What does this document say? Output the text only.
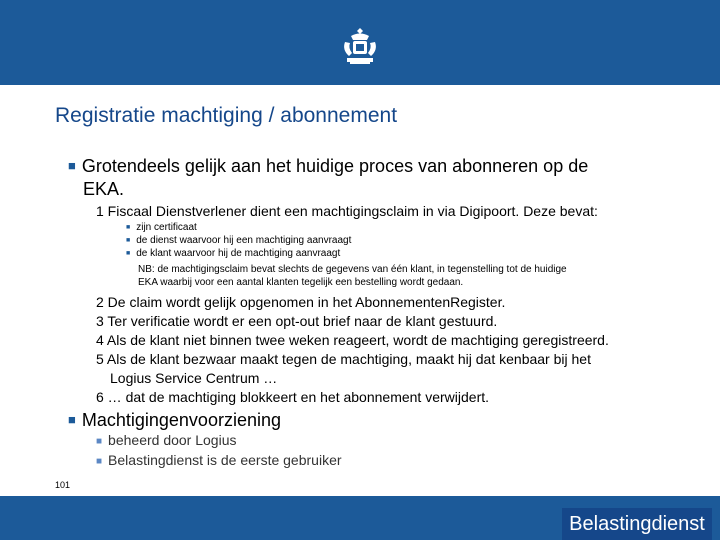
Registratie machtiging / abonnement
■ Grotendeels gelijk aan het huidige proces van abonneren op de
EKA.
1 Fiscaal Dienstverlener dient een machtigingsclaim in via Digipoort. Deze bevat:
■ zijn certificaat
■ de dienst waarvoor hij een machtiging aanvraagt
■ de klant waarvoor hij de machtiging aanvraagt
NB: de machtigingsclaim bevat slechts de gegevens van één klant, in tegenstelling tot de huidige
EKA waarbij voor een aantal klanten tegelijk een bestelling wordt gedaan.
2 De claim wordt gelijk opgenomen in het AbonnementenRegister.
3 Ter verificatie wordt er een opt-out brief naar de klant gestuurd.
4 Als de klant niet binnen twee weken reageert, wordt de machtiging geregistreerd.
5 Als de klant bezwaar maakt tegen de machtiging, maakt hij dat kenbaar bij het
Logius Service Centrum …
6 … dat de machtiging blokkeert en het abonnement verwijdert.
■ Machtigingenvoorziening
■ beheerd door Logius
■ Belastingdienst is de eerste gebruiker
101
Belastingdienst
